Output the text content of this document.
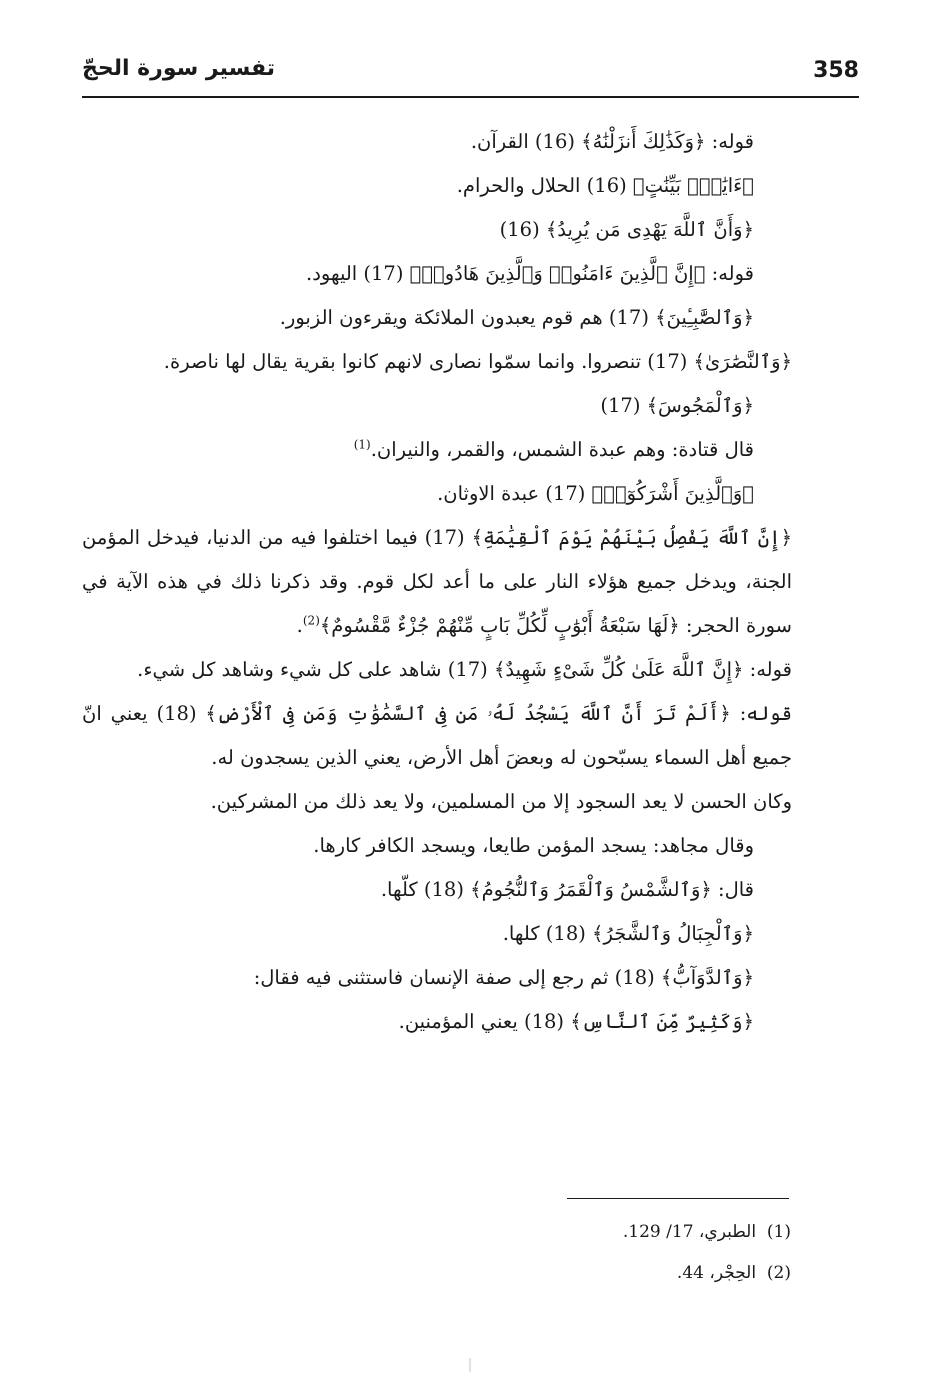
358
تفسير سورة الحجّ

قوله: ﴿وَكَذَٰلِكَ أَنزَلْنَٰهُ﴾ (16) القرآن.

﴿ءَايَٰتٍۭ بَيِّنَٰتٍ﴾ (16) الحلال والحرام.

﴿وَأَنَّ ٱللَّهَ يَهْدِى مَن يُرِيدُ﴾ (16)

قوله: ﴿إِنَّ ٱلَّذِينَ ءَامَنُوا۟ وَٱلَّذِينَ هَادُوا۟﴾ (17) اليهود.

﴿وَٱلصَّٰبِـِٔينَ﴾ (17) هم قوم يعبدون الملائكة ويقرءون الزبور.

﴿وَٱلنَّصَٰرَىٰ﴾ (17) تنصروا. وانما سمّوا نصارى لانهم كانوا بقرية يقال لها ناصرة.

﴿وَٱلْمَجُوسَ﴾ (17)

قال قتادة: وهم عبدة الشمس، والقمر، والنيران.$^{(1)}$

﴿وَٱلَّذِينَ أَشْرَكُوٓا۟﴾ (17) عبدة الاوثان.

﴿إِنَّ ٱللَّهَ يَفْصِلُ بَيْنَهُمْ يَوْمَ ٱلْقِيَٰمَةِ﴾ (17) فيما اختلفوا فيه من الدنيا، فيدخل المؤمن الجنة، ويدخل جميع هؤلاء النار على ما أعد لكل قوم. وقد ذكرنا ذلك في هذه الآية في سورة الحجر: ﴿لَهَا سَبْعَةُ أَبْوَٰبٍ لِّكُلِّ بَابٍ مِّنْهُمْ جُزْءٌ مَّقْسُومٌ﴾$^{(2)}$.

قوله: ﴿إِنَّ ٱللَّهَ عَلَىٰ كُلِّ شَىْءٍ شَهِيدٌ﴾ (17) شاهد على كل شيء وشاهد كل شيء.

قوله: ﴿أَلَمْ تَرَ أَنَّ ٱللَّهَ يَسْجُدُ لَهُۥ مَن فِى ٱلسَّمَٰوَٰتِ وَمَن فِى ٱلْأَرْضِ﴾ (18) يعني انّ جميع أهل السماء يسبّحون له وبعضَ أهل الأرض، يعني الذين يسجدون له.

وكان الحسن لا يعد السجود إلا من المسلمين، ولا يعد ذلك من المشركين.

وقال مجاهد: يسجد المؤمن طايعا، ويسجد الكافر كارها.

قال: ﴿وَٱلشَّمْسُ وَٱلْقَمَرُ وَٱلنُّجُومُ﴾ (18) كلّها.

﴿وَٱلْجِبَالُ وَٱلشَّجَرُ﴾ (18) كلها.

﴿وَٱلدَّوَآبُّ﴾ (18) ثم رجع إلى صفة الإنسان فاستثنى فيه فقال:

﴿وَكَثِيرٌ مِّنَ ٱلنَّاسِ﴾ (18) يعني المؤمنين.

(1)  الطبري، 17/ 129.

(2)  الحِجْر، 44.
